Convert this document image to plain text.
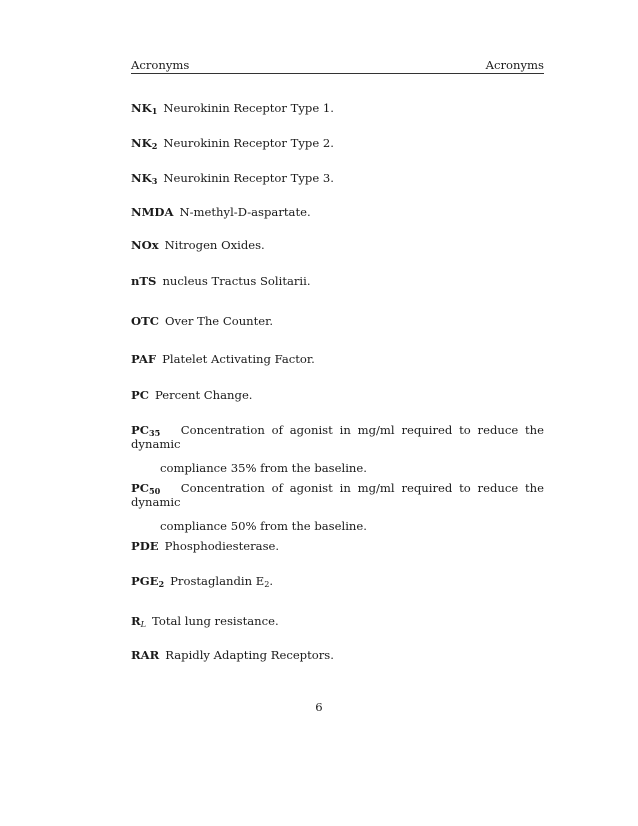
Acronyms	Acronyms
$NK_1$ Neurokinin Receptor Type 1.
$NK_2$ Neurokinin Receptor Type 2.
$NK_3$ Neurokinin Receptor Type 3.
NMDA N-methyl-D-aspartate.
NOx Nitrogen Oxides.
nTS nucleus Tractus Solitarii.
OTC Over The Counter.
PAF Platelet Activating Factor.
PC Percent Change.
$PC_{35}$ Concentration of agonist in mg/ml required to reduce the dynamic
compliance 35% from the baseline.
$PC_{50}$ Concentration of agonist in mg/ml required to reduce the dynamic
compliance 50% from the baseline.
PDE Phosphodiesterase.
$PGE_2$ Prostaglandin $E_2$.
$R_L$ Total lung resistance.
RAR Rapidly Adapting Receptors.
6
